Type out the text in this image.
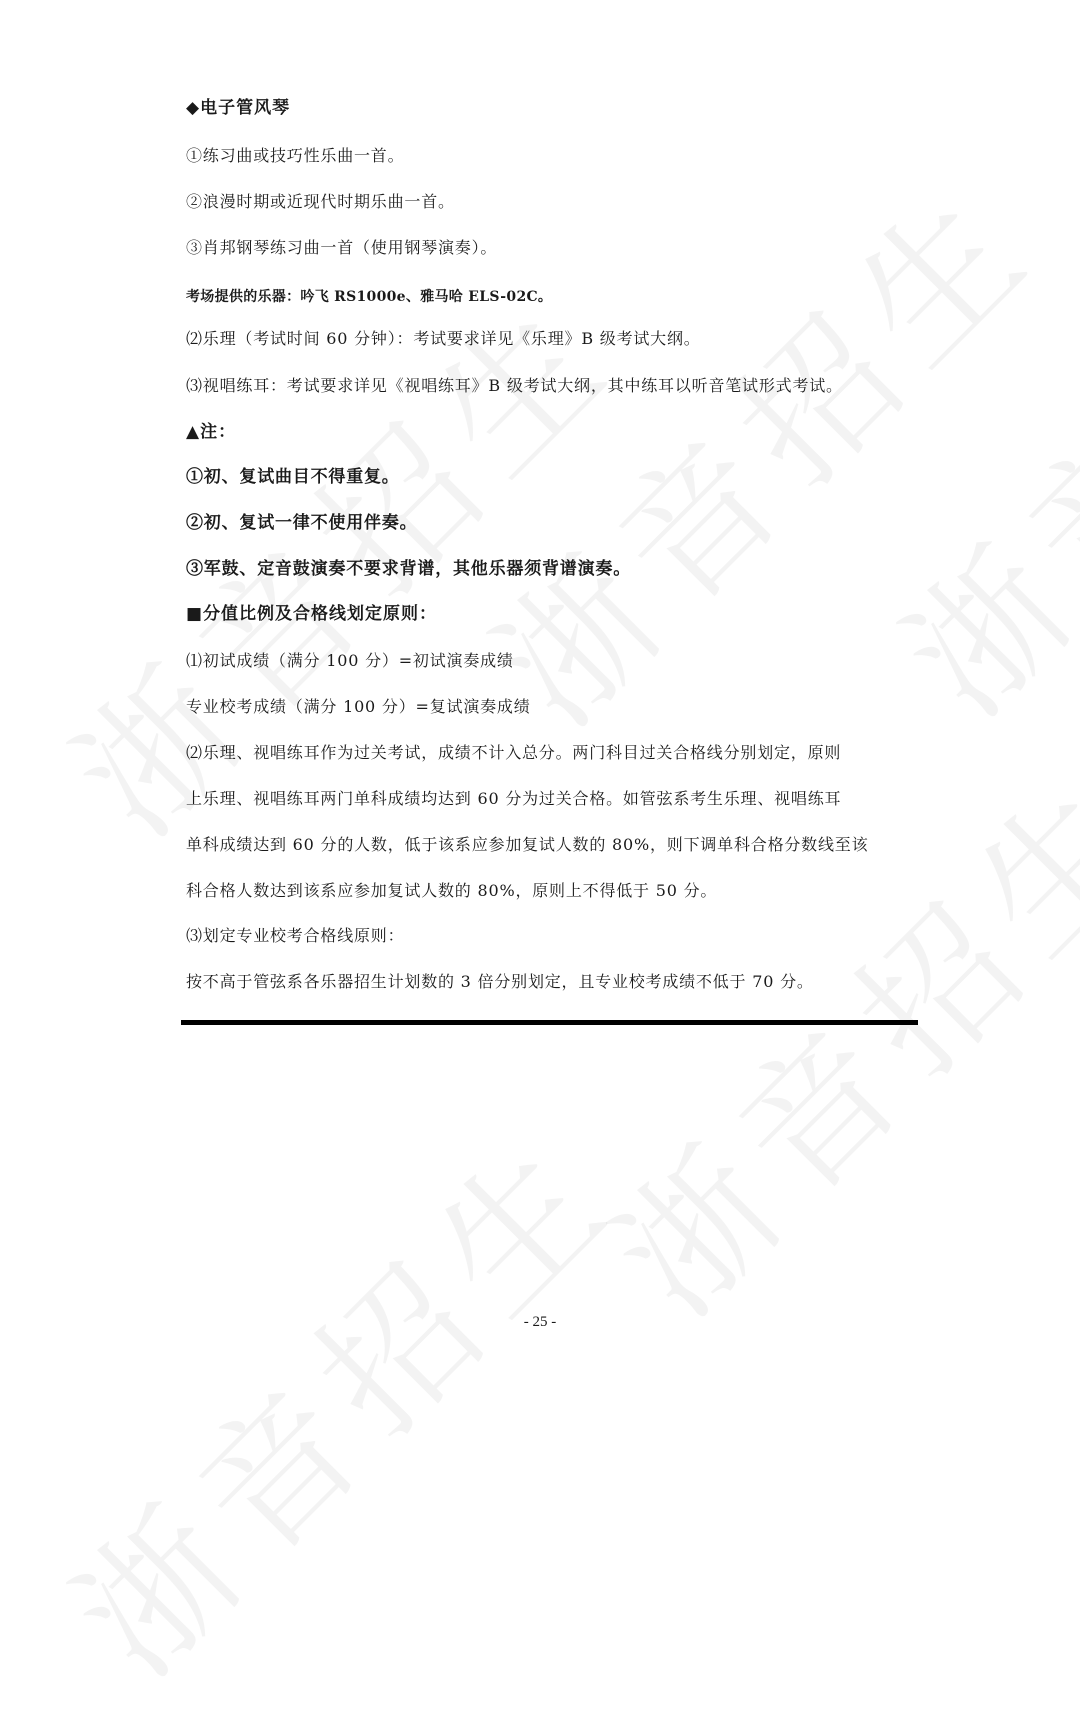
◆电子管风琴
①练习曲或技巧性乐曲一首。
②浪漫时期或近现代时期乐曲一首。
③肖邦钢琴练习曲一首（使用钢琴演奏）。
考场提供的乐器：吟飞 RS1000e、雅马哈 ELS-02C。
⑵乐理（考试时间 60 分钟）：考试要求详见《乐理》B 级考试大纲。
⑶视唱练耳：考试要求详见《视唱练耳》B 级考试大纲，其中练耳以听音笔试形式考试。
▲注：
①初、复试曲目不得重复。
②初、复试一律不使用伴奏。
③军鼓、定音鼓演奏不要求背谱，其他乐器须背谱演奏。
■分值比例及合格线划定原则：
⑴初试成绩（满分 100 分）=初试演奏成绩
专业校考成绩（满分 100 分）=复试演奏成绩
⑵乐理、视唱练耳作为过关考试，成绩不计入总分。两门科目过关合格线分别划定，原则
上乐理、视唱练耳两门单科成绩均达到 60 分为过关合格。如管弦系考生乐理、视唱练耳
单科成绩达到 60 分的人数，低于该系应参加复试人数的 80%，则下调单科合格分数线至该
科合格人数达到该系应参加复试人数的 80%，原则上不得低于 50 分。
⑶划定专业校考合格线原则：
按不高于管弦系各乐器招生计划数的 3 倍分别划定，且专业校考成绩不低于 70 分。
- 25 -
